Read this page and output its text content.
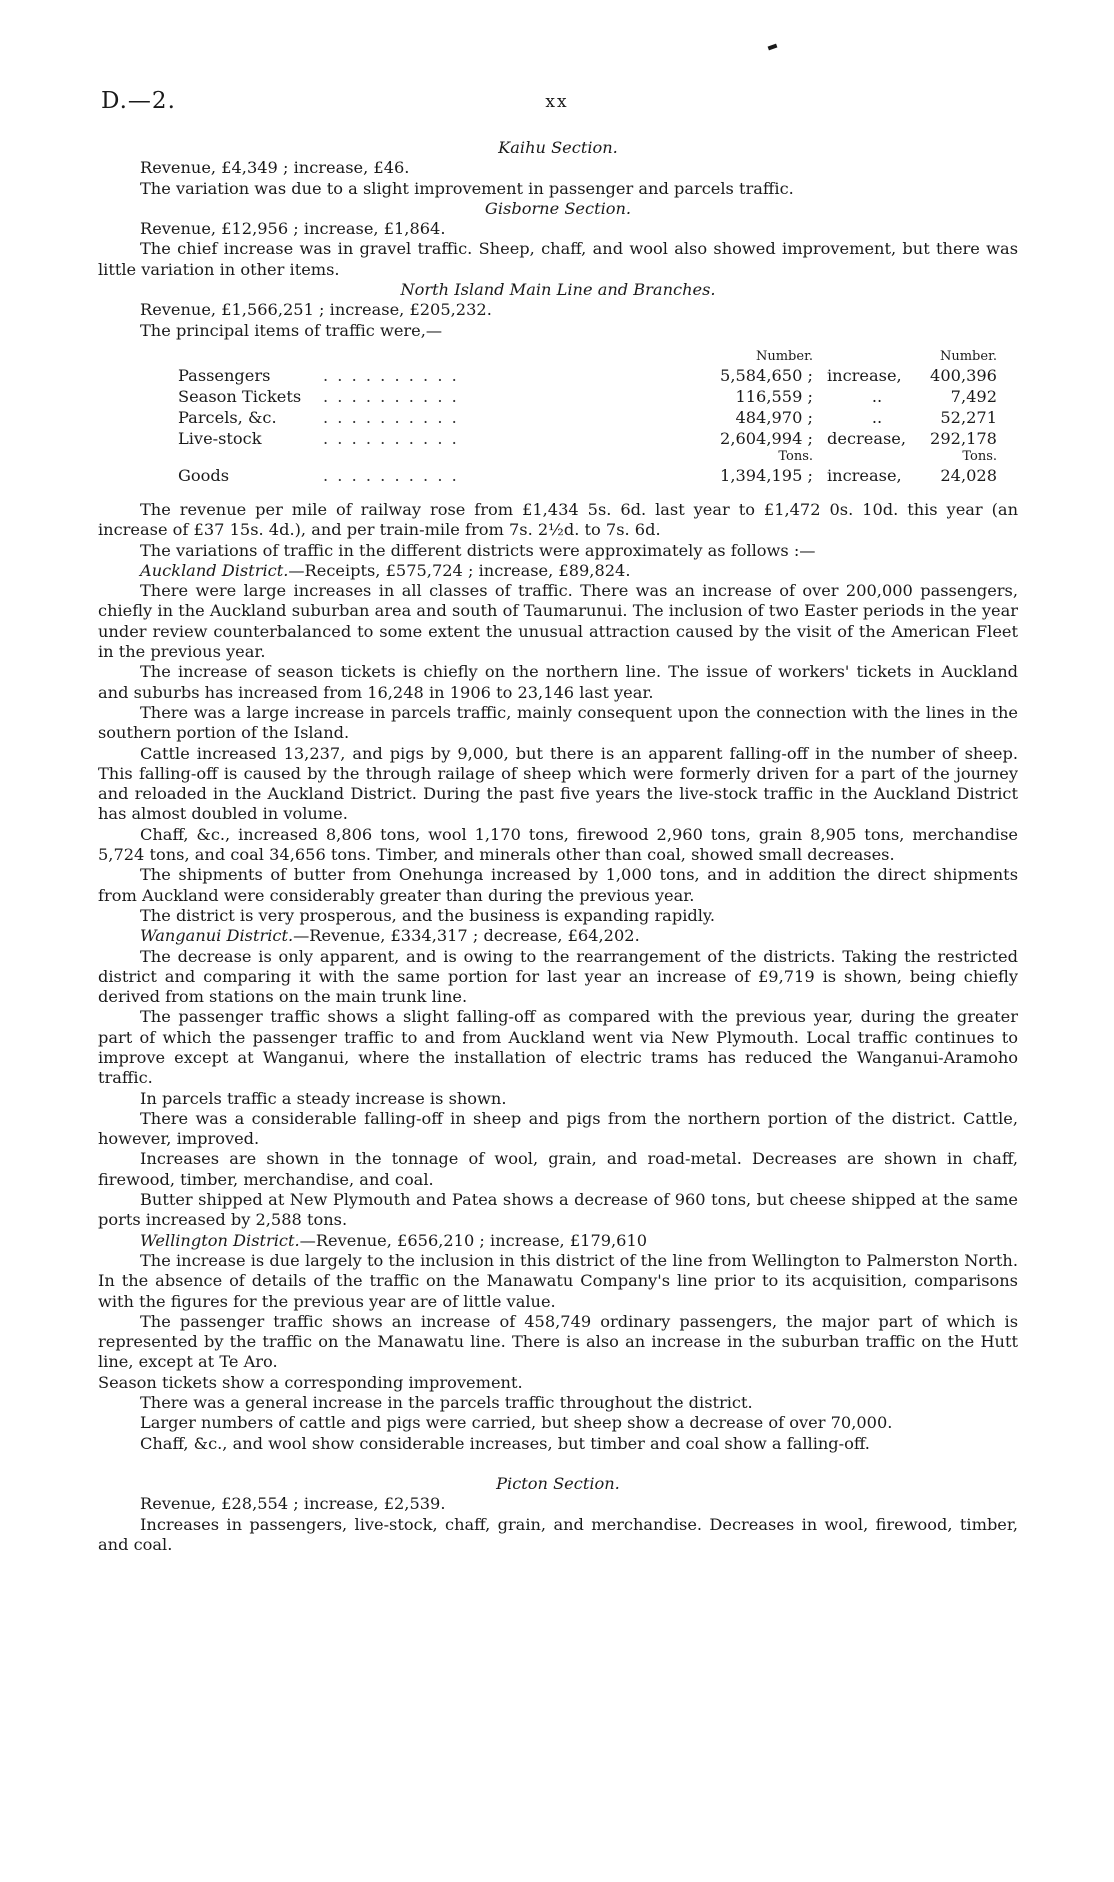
D.—2.	xx

Kaihu Section.

Revenue, £4,349 ; increase, £46.

The variation was due to a slight improvement in passenger and parcels traffic.

Gisborne Section.

Revenue, £12,956 ; increase, £1,864.

The chief increase was in gravel traffic. Sheep, chaff, and wool also showed improvement, but there was little variation in other items.

North Island Main Line and Branches.

Revenue, £1,566,251 ; increase, £205,232.

The principal items of traffic were,—

		Number.			Number.
Passengers	. . . . . . . . . .	5,584,650 ;		increase,	400,396
Season Tickets	. . . . . . . . . .	116,559 ;		..	7,492
Parcels, &c.	. . . . . . . . . .	484,970 ;		..	52,271
Live-stock	. . . . . . . . . .	2,604,994 ;		decrease,	292,178
		Tons.			Tons.
Goods	. . . . . . . . . .	1,394,195 ;		increase,	24,028

The revenue per mile of railway rose from £1,434 5s. 6d. last year to £1,472 0s. 10d. this year (an increase of £37 15s. 4d.), and per train-mile from 7s. 2½d. to 7s. 6d.

The variations of traffic in the different districts were approximately as follows :—

Auckland District.—Receipts, £575,724 ; increase, £89,824.

There were large increases in all classes of traffic. There was an increase of over 200,000 passengers, chiefly in the Auckland suburban area and south of Taumarunui. The inclusion of two Easter periods in the year under review counterbalanced to some extent the unusual attraction caused by the visit of the American Fleet in the previous year.

The increase of season tickets is chiefly on the northern line. The issue of workers' tickets in Auckland and suburbs has increased from 16,248 in 1906 to 23,146 last year.

There was a large increase in parcels traffic, mainly consequent upon the connection with the lines in the southern portion of the Island.

Cattle increased 13,237, and pigs by 9,000, but there is an apparent falling-off in the number of sheep. This falling-off is caused by the through railage of sheep which were formerly driven for a part of the journey and reloaded in the Auckland District. During the past five years the live-stock traffic in the Auckland District has almost doubled in volume.

Chaff, &c., increased 8,806 tons, wool 1,170 tons, firewood 2,960 tons, grain 8,905 tons, merchandise 5,724 tons, and coal 34,656 tons. Timber, and minerals other than coal, showed small decreases.

The shipments of butter from Onehunga increased by 1,000 tons, and in addition the direct shipments from Auckland were considerably greater than during the previous year.

The district is very prosperous, and the business is expanding rapidly.

Wanganui District.—Revenue, £334,317 ; decrease, £64,202.

The decrease is only apparent, and is owing to the rearrangement of the districts. Taking the restricted district and comparing it with the same portion for last year an increase of £9,719 is shown, being chiefly derived from stations on the main trunk line.

The passenger traffic shows a slight falling-off as compared with the previous year, during the greater part of which the passenger traffic to and from Auckland went via New Plymouth. Local traffic continues to improve except at Wanganui, where the installation of electric trams has reduced the Wanganui-Aramoho traffic.

In parcels traffic a steady increase is shown.

There was a considerable falling-off in sheep and pigs from the northern portion of the district. Cattle, however, improved.

Increases are shown in the tonnage of wool, grain, and road-metal. Decreases are shown in chaff, firewood, timber, merchandise, and coal.

Butter shipped at New Plymouth and Patea shows a decrease of 960 tons, but cheese shipped at the same ports increased by 2,588 tons.

Wellington District.—Revenue, £656,210 ; increase, £179,610

The increase is due largely to the inclusion in this district of the line from Wellington to Palmerston North. In the absence of details of the traffic on the Manawatu Company's line prior to its acquisition, comparisons with the figures for the previous year are of little value.

The passenger traffic shows an increase of 458,749 ordinary passengers, the major part of which is represented by the traffic on the Manawatu line. There is also an increase in the suburban traffic on the Hutt line, except at Te Aro.

Season tickets show a corresponding improvement.

There was a general increase in the parcels traffic throughout the district.

Larger numbers of cattle and pigs were carried, but sheep show a decrease of over 70,000.

Chaff, &c., and wool show considerable increases, but timber and coal show a falling-off.

Picton Section.

Revenue, £28,554 ; increase, £2,539.

Increases in passengers, live-stock, chaff, grain, and merchandise. Decreases in wool, firewood, timber, and coal.
